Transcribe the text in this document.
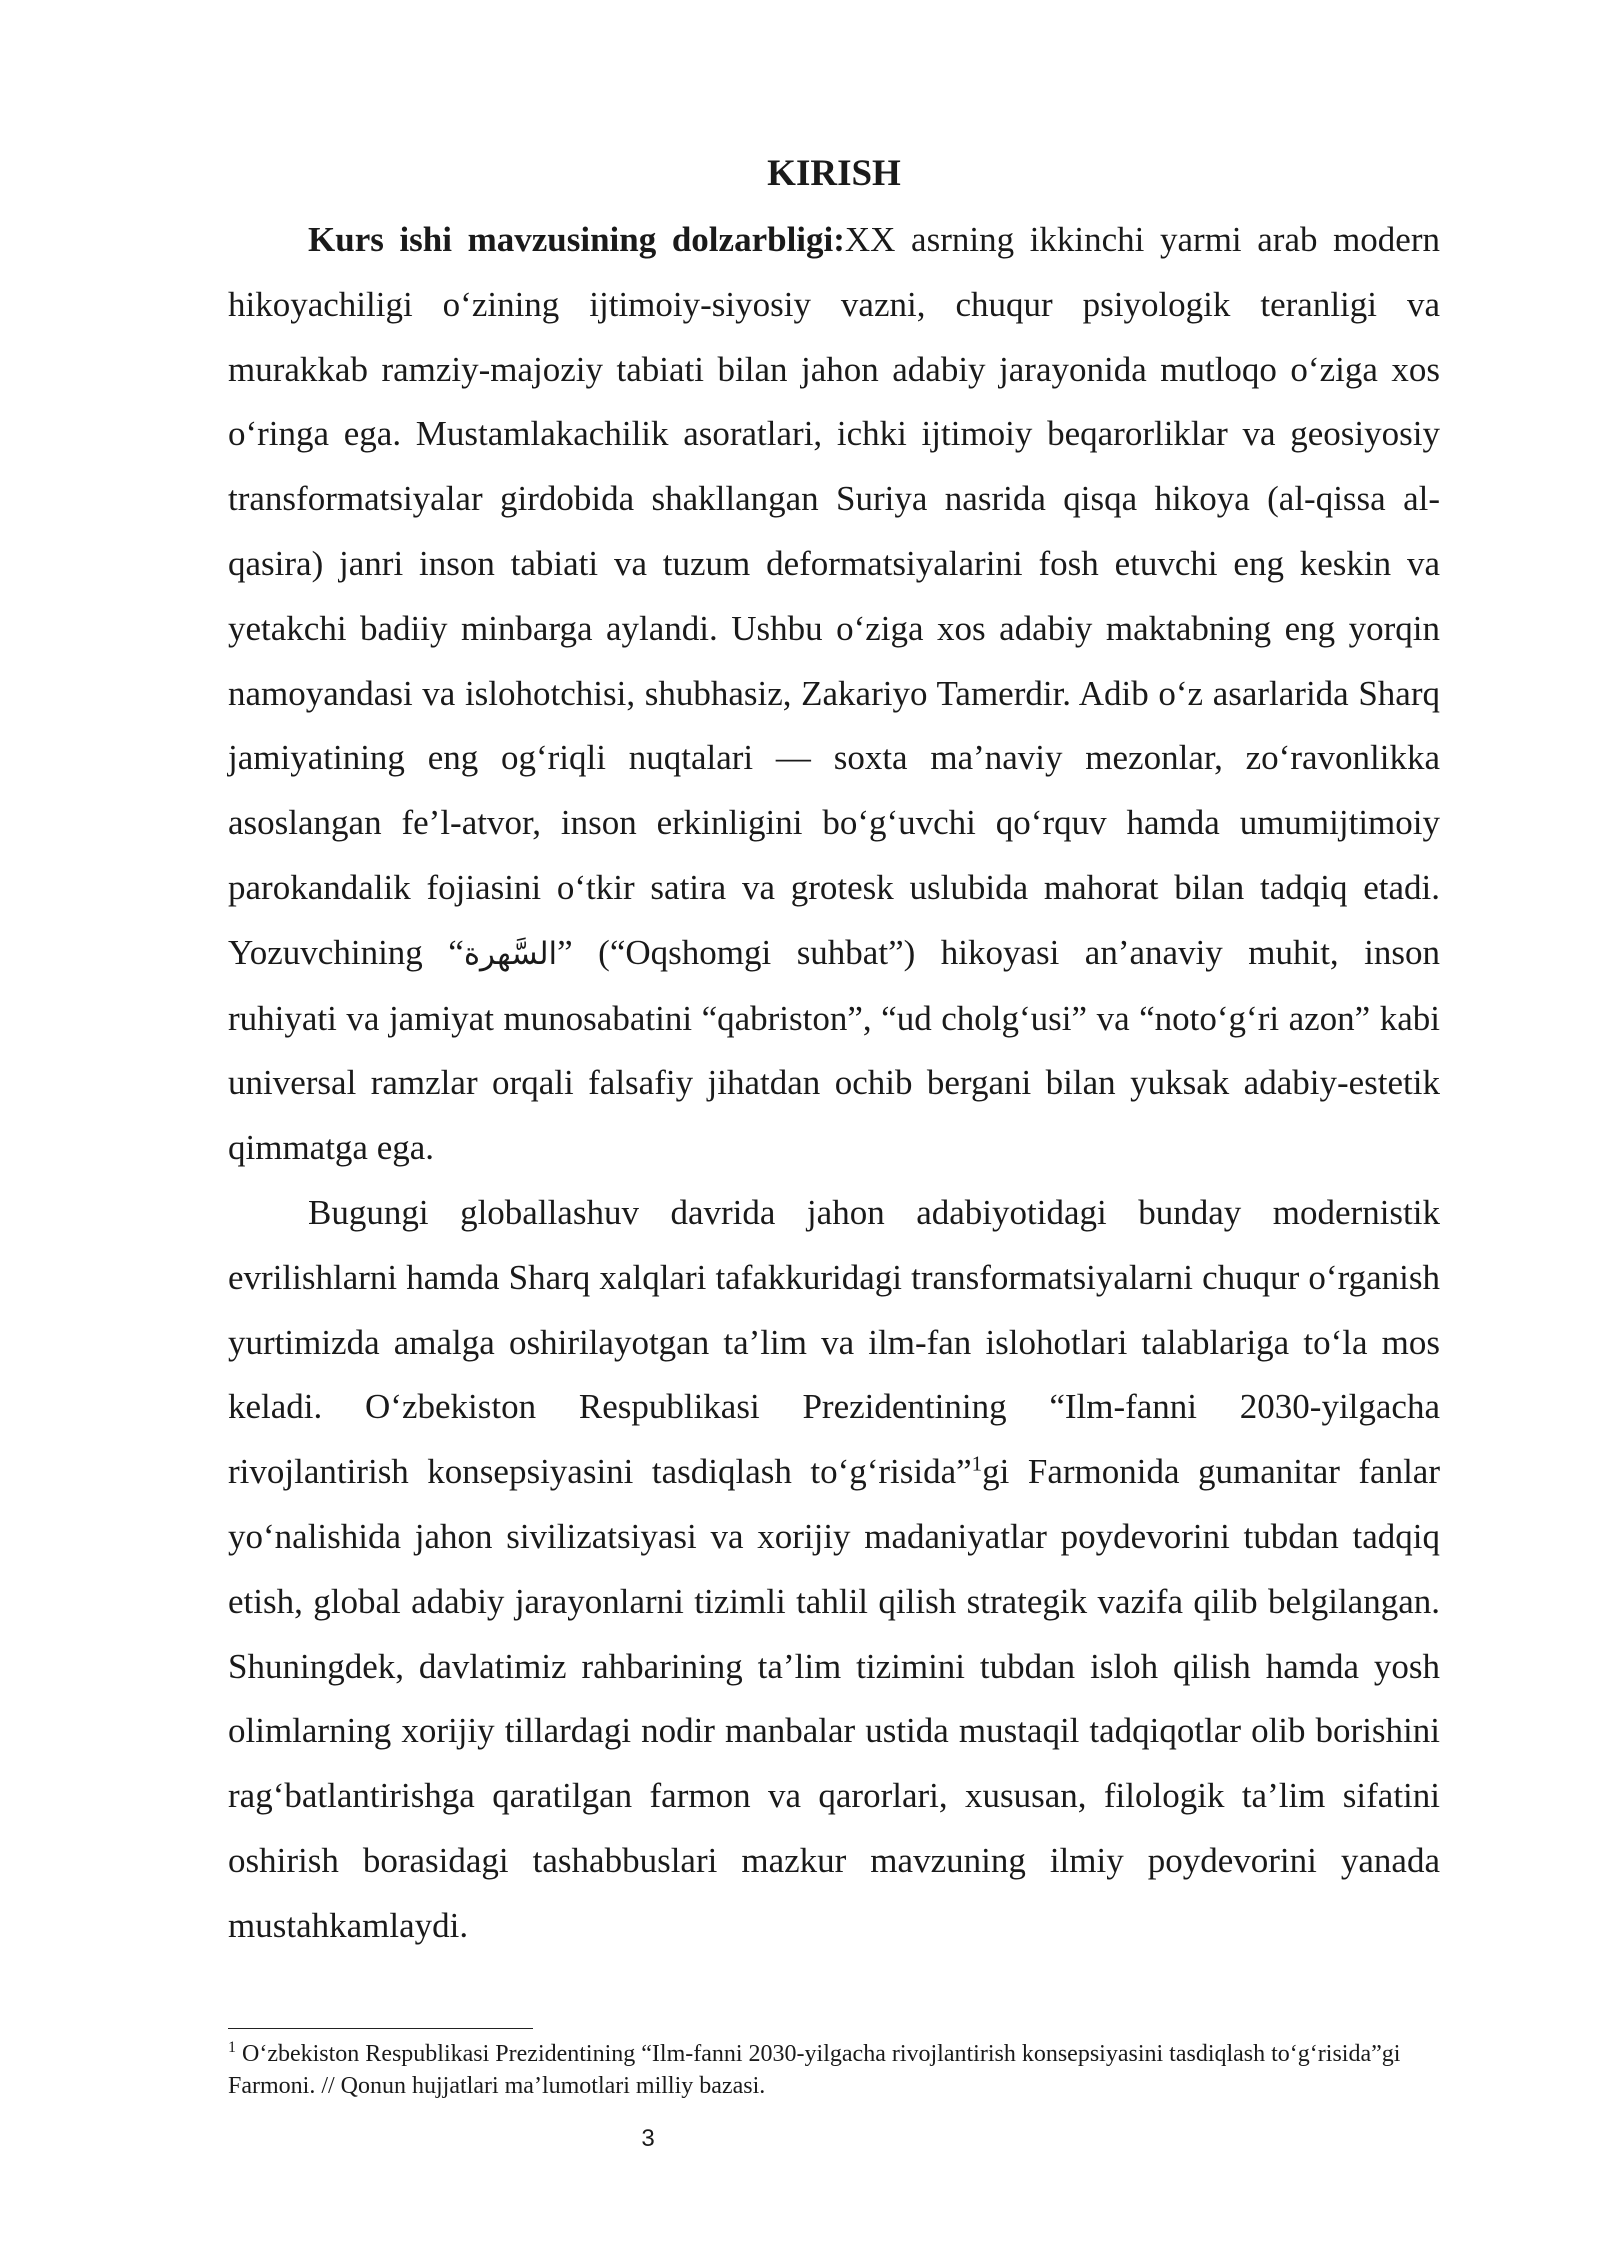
KIRISH

Kurs ishi mavzusining dolzarbligi:XX asrning ikkinchi yarmi arab modern hikoyachiligi o‘zining ijtimoiy-siyosiy vazni, chuqur psiyologik teranligi va murakkab ramziy-majoziy tabiati bilan jahon adabiy jarayonida mutloqo o‘ziga xos o‘ringa ega. Mustamlakachilik asoratlari, ichki ijtimoiy beqarorliklar va geosiyosiy transformatsiyalar girdobida shakllangan Suriya nasrida qisqa hikoya (al-qissa al-qasira) janri inson tabiati va tuzum deformatsiyalarini fosh etuvchi eng keskin va yetakchi badiiy minbarga aylandi. Ushbu o‘ziga xos adabiy maktabning eng yorqin namoyandasi va islohotchisi, shubhasiz, Zakariyo Tamerdir. Adib o‘z asarlarida Sharq jamiyatining eng og‘riqli nuqtalari — soxta ma’naviy mezonlar, zo‘ravonlikka asoslangan fe’l-atvor, inson erkinligini bo‘g‘uvchi qo‘rquv hamda umumijtimoiy parokandalik fojiasini o‘tkir satira va grotesk uslubida mahorat bilan tadqiq etadi. Yozuvchining “السَّهرة” (“Oqshomgi suhbat”) hikoyasi an’anaviy muhit, inson ruhiyati va jamiyat munosabatini “qabriston”, “ud cholg‘usi” va “noto‘g‘ri azon” kabi universal ramzlar orqali falsafiy jihatdan ochib bergani bilan yuksak adabiy-estetik qimmatga ega.

Bugungi globallashuv davrida jahon adabiyotidagi bunday modernistik evrilishlarni hamda Sharq xalqlari tafakkuridagi transformatsiyalarni chuqur o‘rganish yurtimizda amalga oshirilayotgan ta’lim va ilm-fan islohotlari talablariga to‘la mos keladi. O‘zbekiston Respublikasi Prezidentining “Ilm-fanni 2030-yilgacha rivojlantirish konsepsiyasini tasdiqlash to‘g‘risida”$^1$gi Farmonida gumanitar fanlar yo‘nalishida jahon sivilizatsiyasi va xorijiy madaniyatlar poydevorini tubdan tadqiq etish, global adabiy jarayonlarni tizimli tahlil qilish strategik vazifa qilib belgilangan. Shuningdek, davlatimiz rahbarining ta’lim tizimini tubdan isloh qilish hamda yosh olimlarning xorijiy tillardagi nodir manbalar ustida mustaqil tadqiqotlar olib borishini rag‘batlantirishga qaratilgan farmon va qarorlari, xususan, filologik ta’lim sifatini oshirish borasidagi tashabbuslari mazkur mavzuning ilmiy poydevorini yanada mustahkamlaydi.

$^1$ O‘zbekiston Respublikasi Prezidentining “Ilm-fanni 2030-yilgacha rivojlantirish konsepsiyasini tasdiqlash to‘g‘risida”gi Farmoni. // Qonun hujjatlari ma’lumotlari milliy bazasi.
3
